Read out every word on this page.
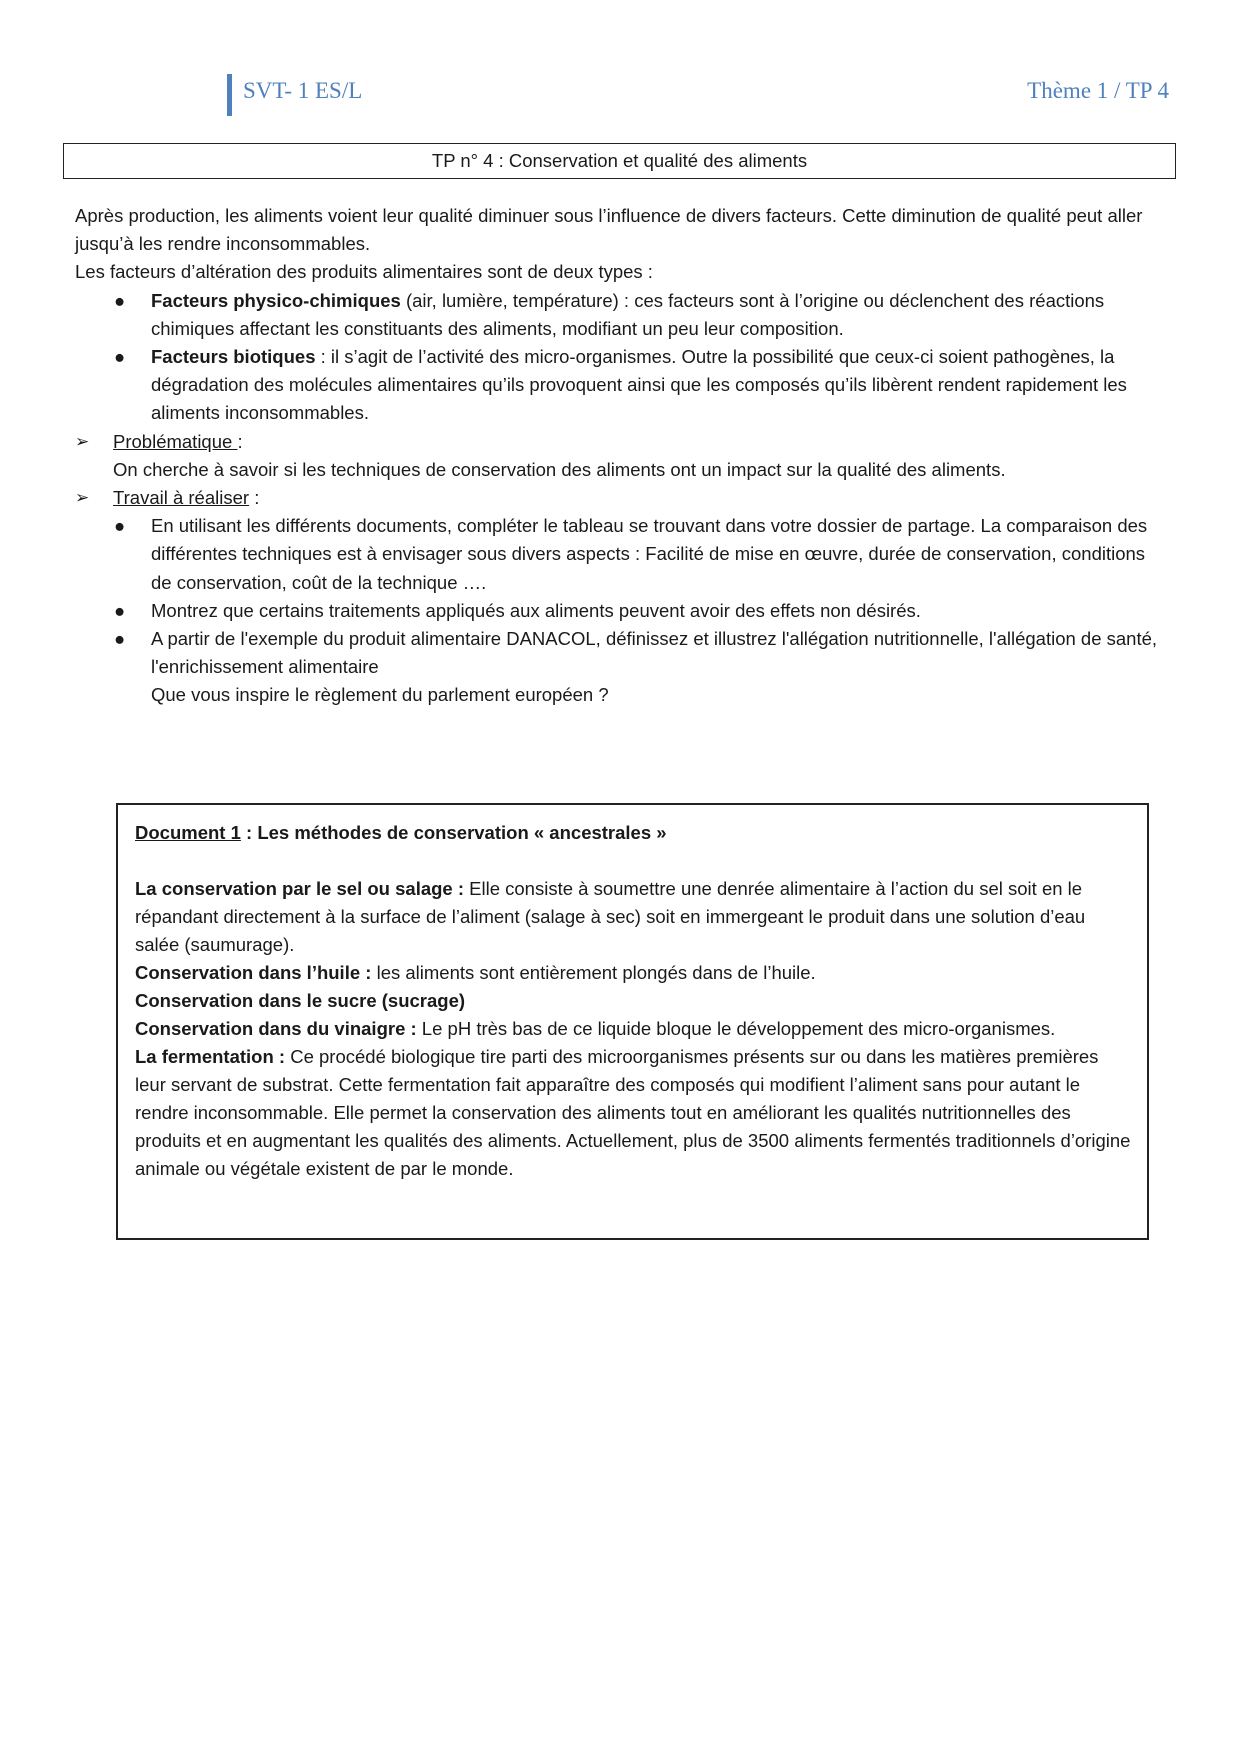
SVT- 1 ES/L	Thème 1 / TP 4
TP n° 4 : Conservation et qualité des aliments

Après production, les aliments voient leur qualité diminuer sous l’influence de divers facteurs. Cette diminution de qualité peut aller jusqu’à les rendre inconsommables.

Les facteurs d’altération des produits alimentaires sont de deux types :

● Facteurs physico-chimiques (air, lumière, température) : ces facteurs sont à l’origine ou déclenchent des réactions chimiques affectant les constituants des aliments, modifiant un peu leur composition.
● Facteurs biotiques : il s’agit de l’activité des micro-organismes. Outre la possibilité que ceux-ci soient pathogènes, la dégradation des molécules alimentaires qu’ils provoquent ainsi que les composés qu’ils libèrent rendent rapidement les aliments inconsommables.
➢ Problématique :

On cherche à savoir si les techniques de conservation des aliments ont un impact sur la qualité des aliments.

➢ Travail à réaliser :
● En utilisant les différents documents, compléter le tableau se trouvant dans votre dossier de partage. La comparaison des différentes techniques est à envisager sous divers aspects : Facilité de mise en œuvre, durée de conservation, conditions de conservation, coût de la technique ….
● Montrez que certains traitements appliqués aux aliments peuvent avoir des effets non désirés.
● A partir de l'exemple du produit alimentaire DANACOL, définissez et illustrez l'allégation nutritionnelle, l'allégation de santé, l'enrichissement alimentaire

Que vous inspire le règlement du parlement européen ?

Document 1 : Les méthodes de conservation « ancestrales »

La conservation par le sel ou salage : Elle consiste à soumettre une denrée alimentaire à l’action du sel soit en le répandant directement à la surface de l’aliment (salage à sec) soit en immergeant le produit dans une solution d’eau salée (saumurage).

Conservation dans l’huile : les aliments sont entièrement plongés dans de l’huile.

Conservation dans le sucre (sucrage)

Conservation dans du vinaigre : Le pH très bas de ce liquide bloque le développement des micro-organismes.

La fermentation : Ce procédé biologique tire parti des microorganismes présents sur ou dans les matières premières leur servant de substrat. Cette fermentation fait apparaître des composés qui modifient l’aliment sans pour autant le rendre inconsommable. Elle permet la conservation des aliments tout en améliorant les qualités nutritionnelles des produits et en augmentant les qualités des aliments. Actuellement, plus de 3500 aliments fermentés traditionnels d’origine animale ou végétale existent de par le monde.
